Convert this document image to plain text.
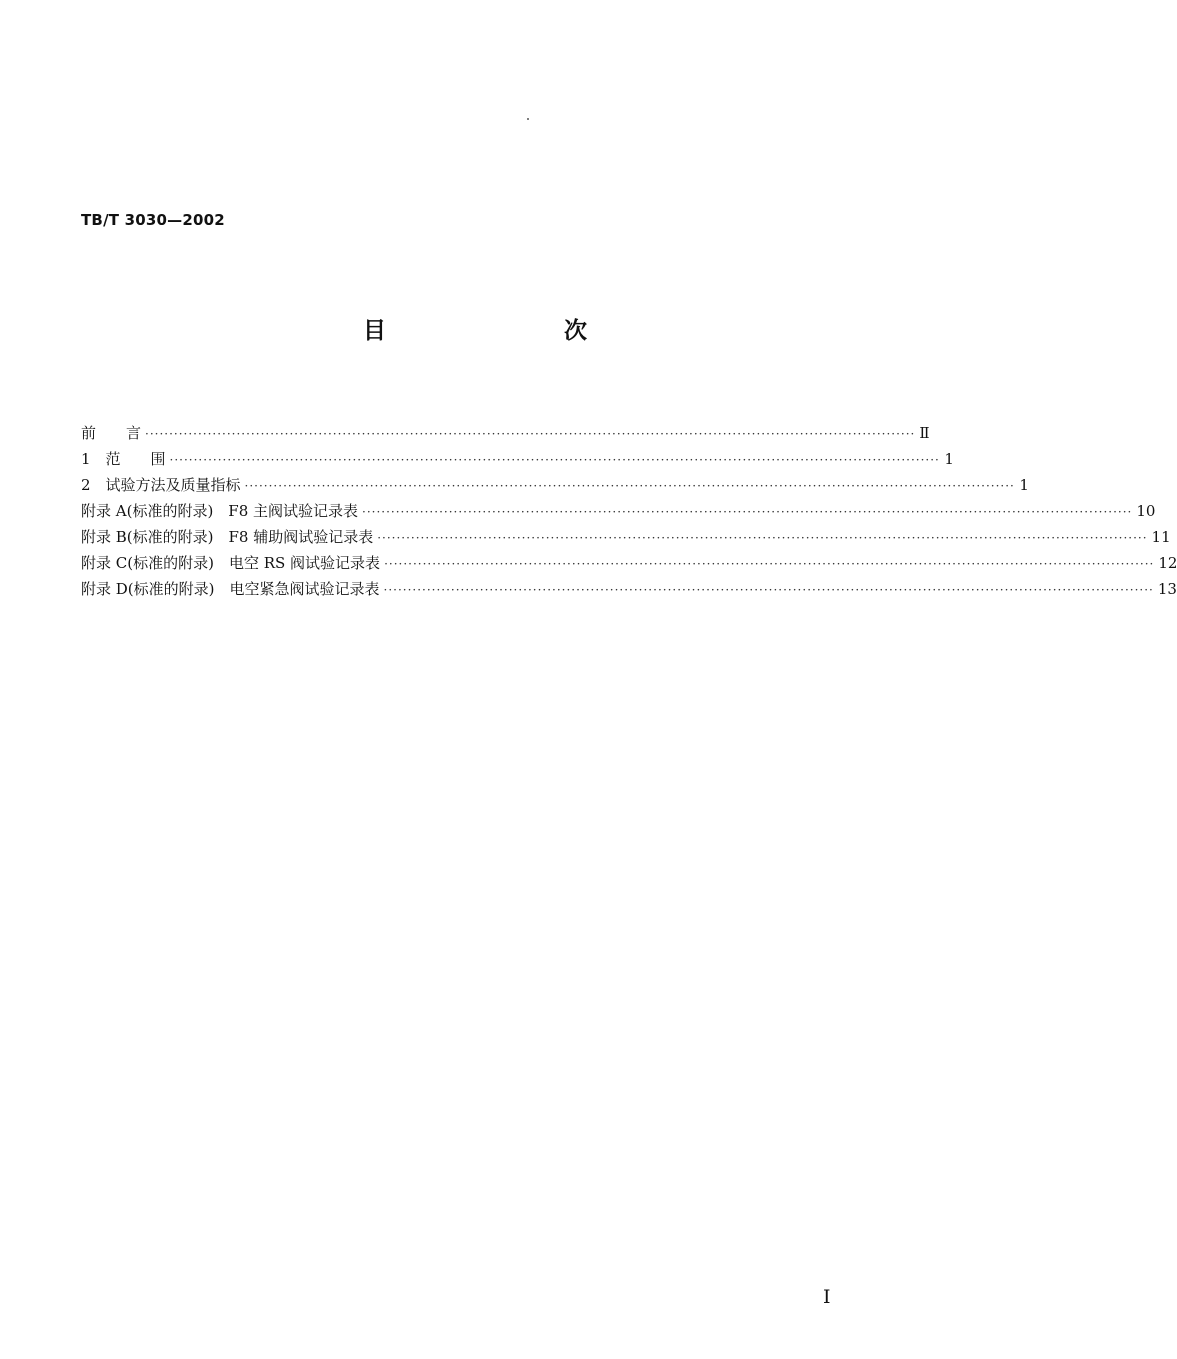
TB/T 3030—2002
目　　次
前　　言 ································································································································································ Ⅱ
1　范　　围 ································································································································································ 1
2　试验方法及质量指标 ································································································································································ 1
附录 A(标准的附录)　F8 主阀试验记录表 ································································································································································ 10
附录 B(标准的附录)　F8 辅助阀试验记录表 ································································································································································ 11
附录 C(标准的附录)　电空 RS 阀试验记录表 ································································································································································ 12
附录 D(标准的附录)　电空紧急阀试验记录表 ································································································································································ 13
I
